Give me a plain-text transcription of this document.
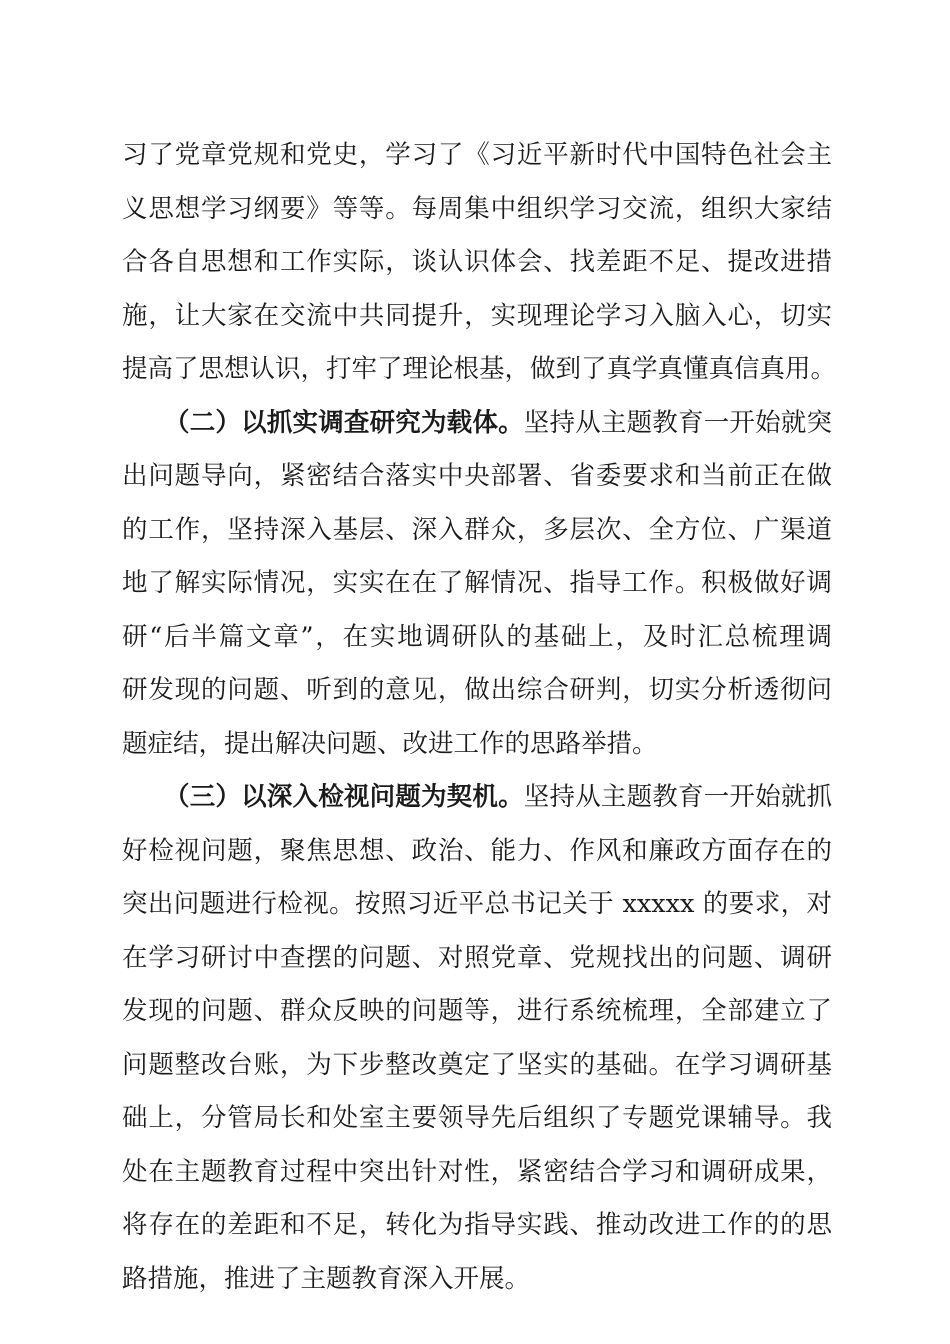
习了党章党规和党史，学习了《习近平新时代中国特色社会主
义思想学习纲要》等等。每周集中组织学习交流，组织大家结
合各自思想和工作实际，谈认识体会、找差距不足、提改进措
施，让大家在交流中共同提升，实现理论学习入脑入心，切实
提高了思想认识，打牢了理论根基，做到了真学真懂真信真用。
（二）以抓实调查研究为载体。坚持从主题教育一开始就突
出问题导向，紧密结合落实中央部署、省委要求和当前正在做
的工作，坚持深入基层、深入群众，多层次、全方位、广渠道
地了解实际情况，实实在在了解情况、指导工作。积极做好调
研“后半篇文章”，在实地调研队的基础上，及时汇总梳理调
研发现的问题、听到的意见，做出综合研判，切实分析透彻问
题症结，提出解决问题、改进工作的思路举措。
（三）以深入检视问题为契机。坚持从主题教育一开始就抓
好检视问题，聚焦思想、政治、能力、作风和廉政方面存在的
突出问题进行检视。按照习近平总书记关于 xxxxx 的要求，对
在学习研讨中查摆的问题、对照党章、党规找出的问题、调研
发现的问题、群众反映的问题等，进行系统梳理，全部建立了
问题整改台账，为下步整改奠定了坚实的基础。在学习调研基
础上，分管局长和处室主要领导先后组织了专题党课辅导。我
处在主题教育过程中突出针对性，紧密结合学习和调研成果，
将存在的差距和不足，转化为指导实践、推动改进工作的的思
路措施，推进了主题教育深入开展。
